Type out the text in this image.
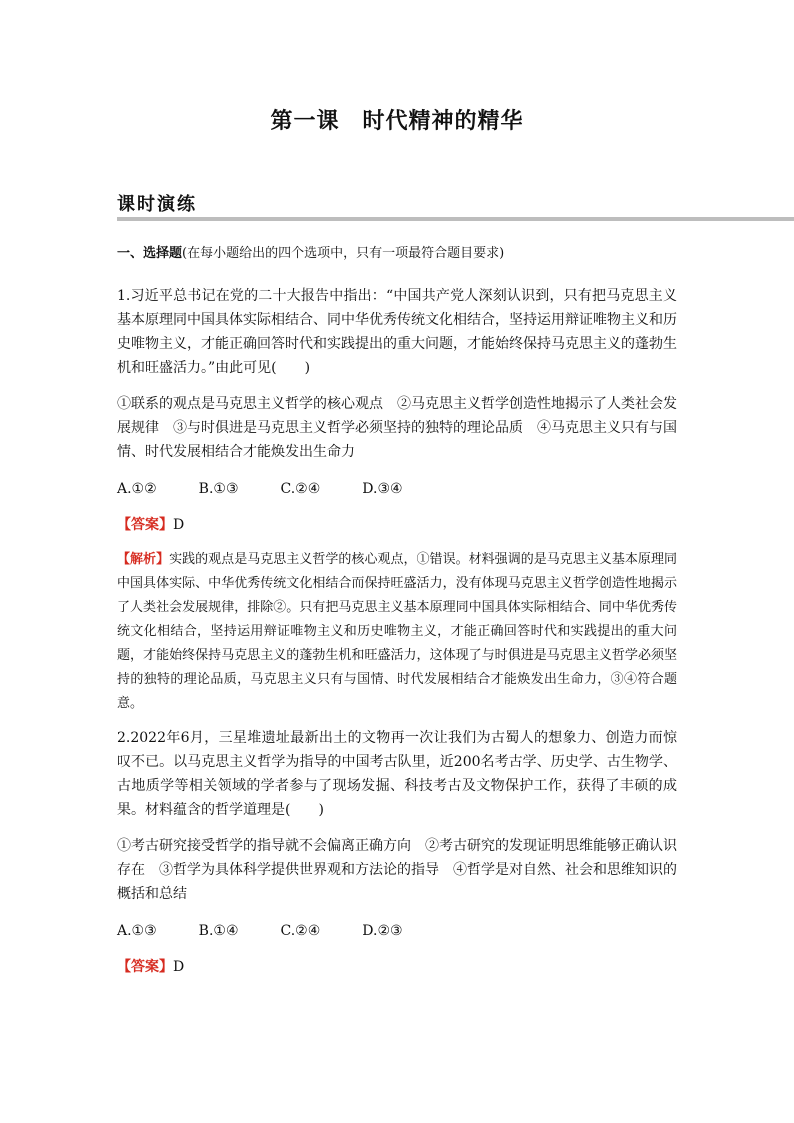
第一课　时代精神的精华
课时演练
一、选择题(在每小题给出的四个选项中，只有一项最符合题目要求)
1.习近平总书记在党的二十大报告中指出：“中国共产党人深刻认识到，只有把马克思主义基本原理同中国具体实际相结合、同中华优秀传统文化相结合，坚持运用辩证唯物主义和历史唯物主义，才能正确回答时代和实践提出的重大问题，才能始终保持马克思主义的蓬勃生机和旺盛活力。”由此可见(　　)
①联系的观点是马克思主义哲学的核心观点　②马克思主义哲学创造性地揭示了人类社会发展规律　③与时俱进是马克思主义哲学必须坚持的独特的理论品质　④马克思主义只有与国情、时代发展相结合才能焕发出生命力
A.①②	B.①③	C.②④	D.③④
【答案】D
【解析】实践的观点是马克思主义哲学的核心观点，①错误。材料强调的是马克思主义基本原理同中国具体实际、中华优秀传统文化相结合而保持旺盛活力，没有体现马克思主义哲学创造性地揭示了人类社会发展规律，排除②。只有把马克思主义基本原理同中国具体实际相结合、同中华优秀传统文化相结合，坚持运用辩证唯物主义和历史唯物主义，才能正确回答时代和实践提出的重大问题，才能始终保持马克思主义的蓬勃生机和旺盛活力，这体现了与时俱进是马克思主义哲学必须坚持的独特的理论品质，马克思主义只有与国情、时代发展相结合才能焕发出生命力，③④符合题意。
2.2022年6月，三星堆遗址最新出土的文物再一次让我们为古蜀人的想象力、创造力而惊叹不已。以马克思主义哲学为指导的中国考古队里，近200名考古学、历史学、古生物学、古地质学等相关领域的学者参与了现场发掘、科技考古及文物保护工作，获得了丰硕的成果。材料蕴含的哲学道理是(　　)
①考古研究接受哲学的指导就不会偏离正确方向　②考古研究的发现证明思维能够正确认识存在　③哲学为具体科学提供世界观和方法论的指导　④哲学是对自然、社会和思维知识的概括和总结
A.①③	B.①④	C.②④	D.②③
【答案】D
